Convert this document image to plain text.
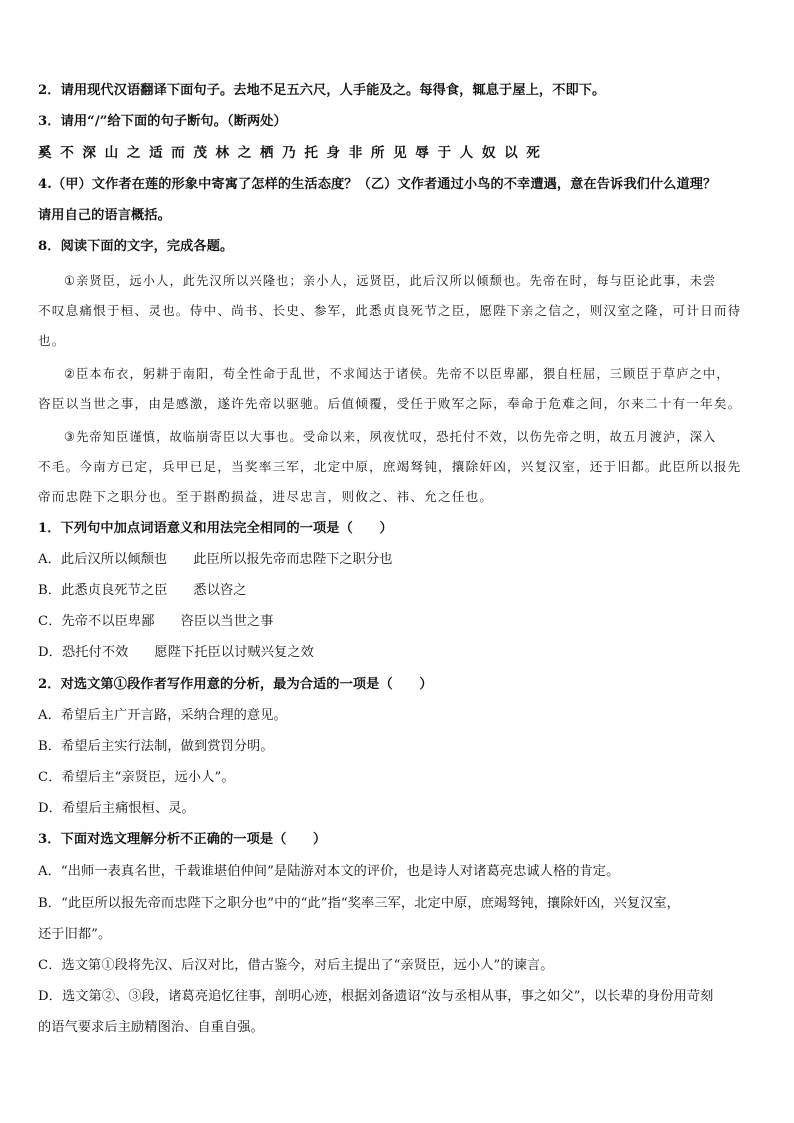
2．请用现代汉语翻译下面句子。去地不足五六尺，人手能及之。每得食，辄息于屋上，不即下。
3．请用“/”给下面的句子断句。（断两处）
奚不深山之适而茂林之栖乃托身非所见辱于人奴以死
4.（甲）文作者在莲的形象中寄寓了怎样的生活态度？（乙）文作者通过小鸟的不幸遭遇，意在告诉我们什么道理？
请用自己的语言概括。
8．阅读下面的文字，完成各题。
①亲贤臣，远小人，此先汉所以兴隆也；亲小人，远贤臣，此后汉所以倾颓也。先帝在时，每与臣论此事，未尝
不叹息痛恨于桓、灵也。侍中、尚书、长史、参军，此悉贞良死节之臣，愿陛下亲之信之，则汉室之隆，可计日而待
也。
②臣本布衣，躬耕于南阳，苟全性命于乱世，不求闻达于诸侯。先帝不以臣卑鄙，猥自枉屈，三顾臣于草庐之中，
咨臣以当世之事，由是感激，遂许先帝以驱驰。后值倾覆，受任于败军之际，奉命于危难之间，尔来二十有一年矣。
③先帝知臣谨慎，故临崩寄臣以大事也。受命以来，夙夜忧叹，恐托付不效，以伤先帝之明，故五月渡泸，深入
不毛。今南方已定，兵甲已足，当奖率三军，北定中原，庶竭驽钝，攘除奸凶，兴复汉室，还于旧都。此臣所以报先
帝而忠陛下之职分也。至于斟酌损益，进尽忠言，则攸之、祎、允之任也。
1．下列句中加点词语意义和用法完全相同的一项是（　　）
A．此后汉所以倾颓也 此臣所以报先帝而忠陛下之职分也
B．此悉贞良死节之臣 悉以咨之
C．先帝不以臣卑鄙 咨臣以当世之事
D．恐托付不效 愿陛下托臣以讨贼兴复之效
2．对选文第①段作者写作用意的分析，最为合适的一项是（　　）
A．希望后主广开言路，采纳合理的意见。
B．希望后主实行法制，做到赏罚分明。
C．希望后主“亲贤臣，远小人”。
D．希望后主痛恨桓、灵。
3．下面对选文理解分析不正确的一项是（　　）
A．“出师一表真名世，千载谁堪伯仲间”是陆游对本文的评价，也是诗人对诸葛亮忠诚人格的肯定。
B．“此臣所以报先帝而忠陛下之职分也”中的“此”指“奖率三军，北定中原，庶竭驽钝，攘除奸凶，兴复汉室，
还于旧都”。
C．选文第①段将先汉、后汉对比，借古鉴今，对后主提出了“亲贤臣，远小人”的谏言。
D．选文第②、③段，诸葛亮追忆往事，剖明心迹，根据刘备遗诏“汝与丞相从事，事之如父”，以长辈的身份用苛刻
的语气要求后主励精图治、自重自强。
